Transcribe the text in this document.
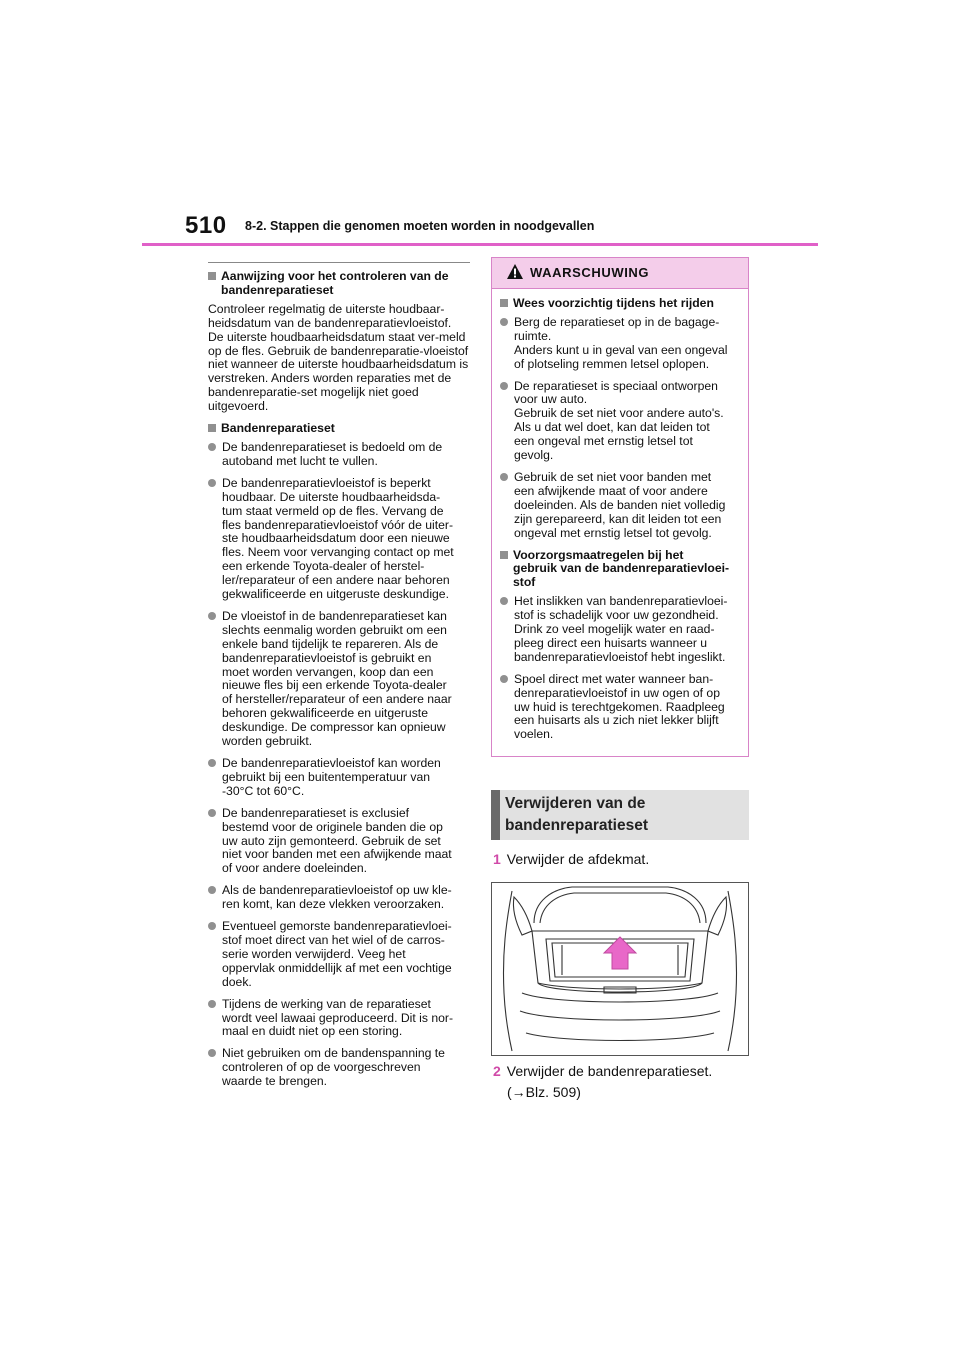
510 8-2. Stappen die genomen moeten worden in noodgevallen
Aanwijzing voor het controleren van de
bandenreparatieset
Controleer regelmatig de uiterste houdbaar-heidsdatum van de bandenreparatievloeistof. De uiterste houdbaarheidsdatum staat ver-meld op de fles. Gebruik de bandenreparatie-vloeistof niet wanneer de uiterste houdbaarheidsdatum is verstreken. Anders worden reparaties met de bandenreparatie-set mogelijk niet goed uitgevoerd.
Bandenreparatieset
De bandenreparatieset is bedoeld om de
autoband met lucht te vullen.
De bandenreparatievloeistof is beperkt
houdbaar. De uiterste houdbaarheidsda-
tum staat vermeld op de fles. Vervang de
fles bandenreparatievloeistof vóór de uiter-
ste houdbaarheidsdatum door een nieuwe
fles. Neem voor vervanging contact op met
een erkende Toyota-dealer of herstel-
ler/reparateur of een andere naar behoren
gekwalificeerde en uitgeruste deskundige.
De vloeistof in de bandenreparatieset kan
slechts eenmalig worden gebruikt om een
enkele band tijdelijk te repareren. Als de
bandenreparatievloeistof is gebruikt en
moet worden vervangen, koop dan een
nieuwe fles bij een erkende Toyota-dealer
of hersteller/reparateur of een andere naar
behoren gekwalificeerde en uitgeruste
deskundige. De compressor kan opnieuw
worden gebruikt.
De bandenreparatievloeistof kan worden
gebruikt bij een buitentemperatuur van
-30°C tot 60°C.
De bandenreparatieset is exclusief
bestemd voor de originele banden die op
uw auto zijn gemonteerd. Gebruik de set
niet voor banden met een afwijkende maat
of voor andere doeleinden.
Als de bandenreparatievloeistof op uw kle-
ren komt, kan deze vlekken veroorzaken.
Eventueel gemorste bandenreparatievloei-
stof moet direct van het wiel of de carros-
serie worden verwijderd. Veeg het
oppervlak onmiddellijk af met een vochtige
doek.
Tijdens de werking van de reparatieset
wordt veel lawaai geproduceerd. Dit is nor-
maal en duidt niet op een storing.
Niet gebruiken om de bandenspanning te
controleren of op de voorgeschreven
waarde te brengen.
WAARSCHUWING
Wees voorzichtig tijdens het rijden
Berg de reparatieset op in de bagage-
ruimte.
Anders kunt u in geval van een ongeval
of plotseling remmen letsel oplopen.
De reparatieset is speciaal ontworpen
voor uw auto.
Gebruik de set niet voor andere auto's.
Als u dat wel doet, kan dat leiden tot
een ongeval met ernstig letsel tot
gevolg.
Gebruik de set niet voor banden met
een afwijkende maat of voor andere
doeleinden. Als de banden niet volledig
zijn gerepareerd, kan dit leiden tot een
ongeval met ernstig letsel tot gevolg.
Voorzorgsmaatregelen bij het
gebruik van de bandenreparatievloei-
stof
Het inslikken van bandenreparatievloei-
stof is schadelijk voor uw gezondheid.
Drink zo veel mogelijk water en raad-
pleeg direct een huisarts wanneer u
bandenreparatievloeistof hebt ingeslikt.
Spoel direct met water wanneer ban-
denreparatievloeistof in uw ogen of op
uw huid is terechtgekomen. Raadpleeg
een huisarts als u zich niet lekker blijft
voelen.
Verwijderen van de
bandenreparatieset
1 Verwijder de afdekmat.
2 Verwijder de bandenreparatieset.
(→Blz. 509)
